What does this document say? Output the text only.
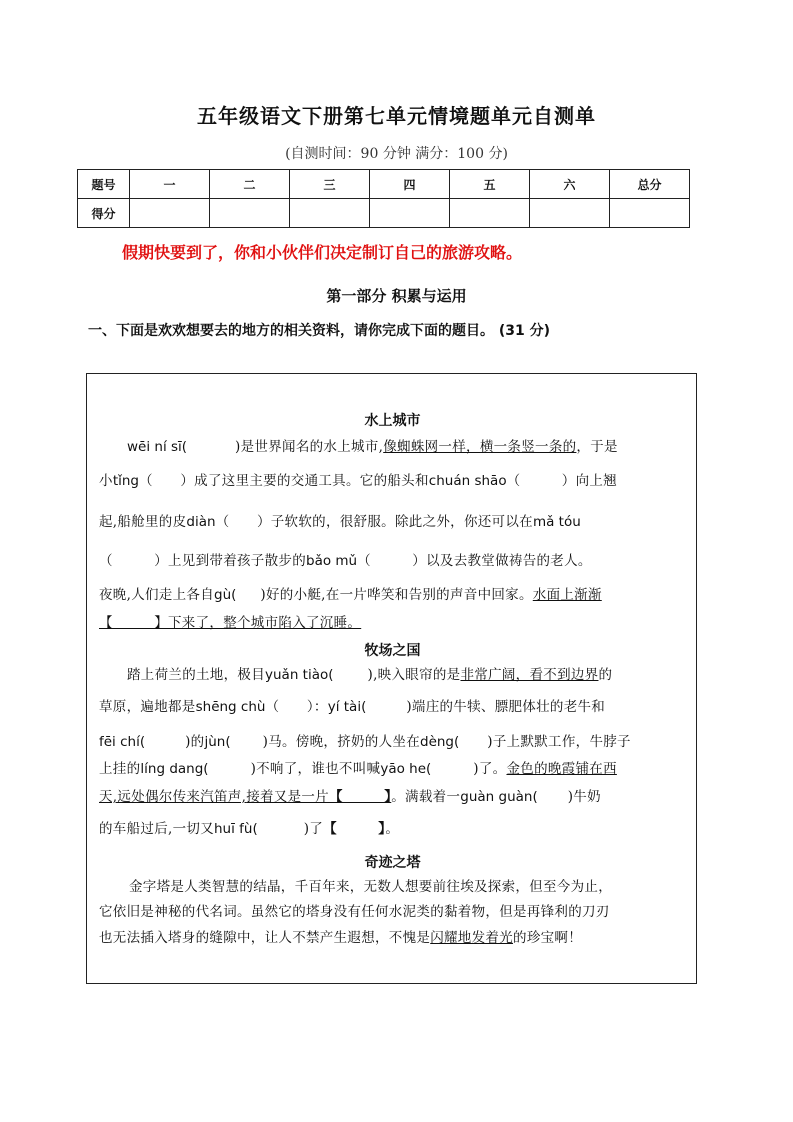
五年级语文下册第七单元情境题单元自测单
(自测时间：90 分钟 满分：100 分)
题号	一	二	三	四	五	六	总分
得分							
假期快要到了，你和小伙伴们决定制订自己的旅游攻略。
第一部分 积累与运用
一、下面是欢欢想要去的地方的相关资料，请你完成下面的题目。 (31 分)
水上城市
wēi ní sī(	)是世界闻名的水上城市,像蜘蛛网一样，横一条竖一条的，于是
小tǐng（　　）成了这里主要的交通工具。它的船头和chuán shāo（　　　）向上翘
起,船舱里的皮diàn（　　）子软软的，很舒服。除此之外，你还可以在mǎ tóu
（　　　）上见到带着孩子散步的bǎo mǔ（　　　）以及去教堂做祷告的老人。
夜晚,人们走上各自gù( )好的小艇,在一片哗笑和告别的声音中回家。水面上渐渐
【　　　】下来了，整个城市陷入了沉睡。
牧场之国
踏上荷兰的土地，极目yuǎn tiào(	),映入眼帘的是非常广阔，看不到边界的
草原，遍地都是shēng chù（　　）：yí tài(	)端庄的牛犊、膘肥体壮的老牛和
fēi chí(	)的jùn( )马。傍晚，挤奶的人坐在dèng( )子上默默工作，牛脖子
上挂的líng dang(	)不响了，谁也不叫喊yāo he(	)了。金色的晚霞铺在西
天,远处偶尔传来汽笛声,接着又是一片【　　　】。满载着一guàn guàn( )牛奶
的车船过后,一切又huī fù(	)了【　　　】。
奇迹之塔
金字塔是人类智慧的结晶，千百年来，无数人想要前往埃及探索，但至今为止，
它依旧是神秘的代名词。虽然它的塔身没有任何水泥类的黏着物，但是再锋利的刀刃
也无法插入塔身的缝隙中，让人不禁产生遐想，不愧是闪耀地发着光的珍宝啊！
